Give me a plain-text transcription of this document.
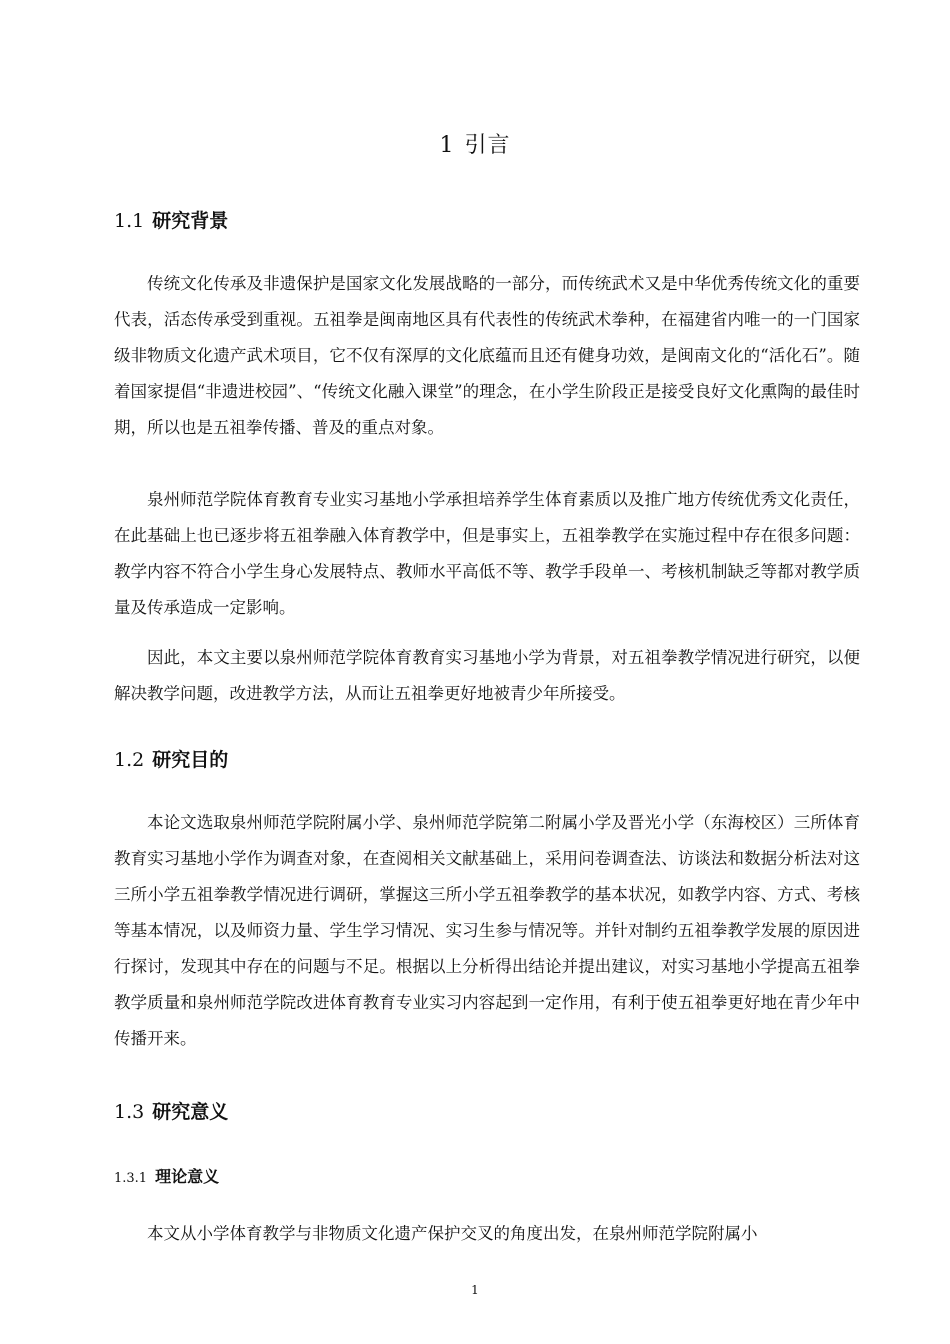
1 引言
1.1 研究背景

传统文化传承及非遗保护是国家文化发展战略的一部分，而传统武术又是中华优秀传统文化的重要代表，活态传承受到重视。五祖拳是闽南地区具有代表性的传统武术拳种，在福建省内唯一的一门国家级非物质文化遗产武术项目，它不仅有深厚的文化底蕴而且还有健身功效，是闽南文化的“活化石”。随着国家提倡“非遗进校园”、“传统文化融入课堂”的理念，在小学生阶段正是接受良好文化熏陶的最佳时期，所以也是五祖拳传播、普及的重点对象。

泉州师范学院体育教育专业实习基地小学承担培养学生体育素质以及推广地方传统优秀文化责任，在此基础上也已逐步将五祖拳融入体育教学中，但是事实上，五祖拳教学在实施过程中存在很多问题：教学内容不符合小学生身心发展特点、教师水平高低不等、教学手段单一、考核机制缺乏等都对教学质量及传承造成一定影响。

因此，本文主要以泉州师范学院体育教育实习基地小学为背景，对五祖拳教学情况进行研究，以便解决教学问题，改进教学方法，从而让五祖拳更好地被青少年所接受。

1.2 研究目的

本论文选取泉州师范学院附属小学、泉州师范学院第二附属小学及晋光小学（东海校区）三所体育教育实习基地小学作为调查对象，在查阅相关文献基础上，采用问卷调查法、访谈法和数据分析法对这三所小学五祖拳教学情况进行调研，掌握这三所小学五祖拳教学的基本状况，如教学内容、方式、考核等基本情况，以及师资力量、学生学习情况、实习生参与情况等。并针对制约五祖拳教学发展的原因进行探讨，发现其中存在的问题与不足。根据以上分析得出结论并提出建议，对实习基地小学提高五祖拳教学质量和泉州师范学院改进体育教育专业实习内容起到一定作用，有利于使五祖拳更好地在青少年中传播开来。

1.3 研究意义
1.3.1 理论意义

本文从小学体育教学与非物质文化遗产保护交叉的角度出发，在泉州师范学院附属小

1
